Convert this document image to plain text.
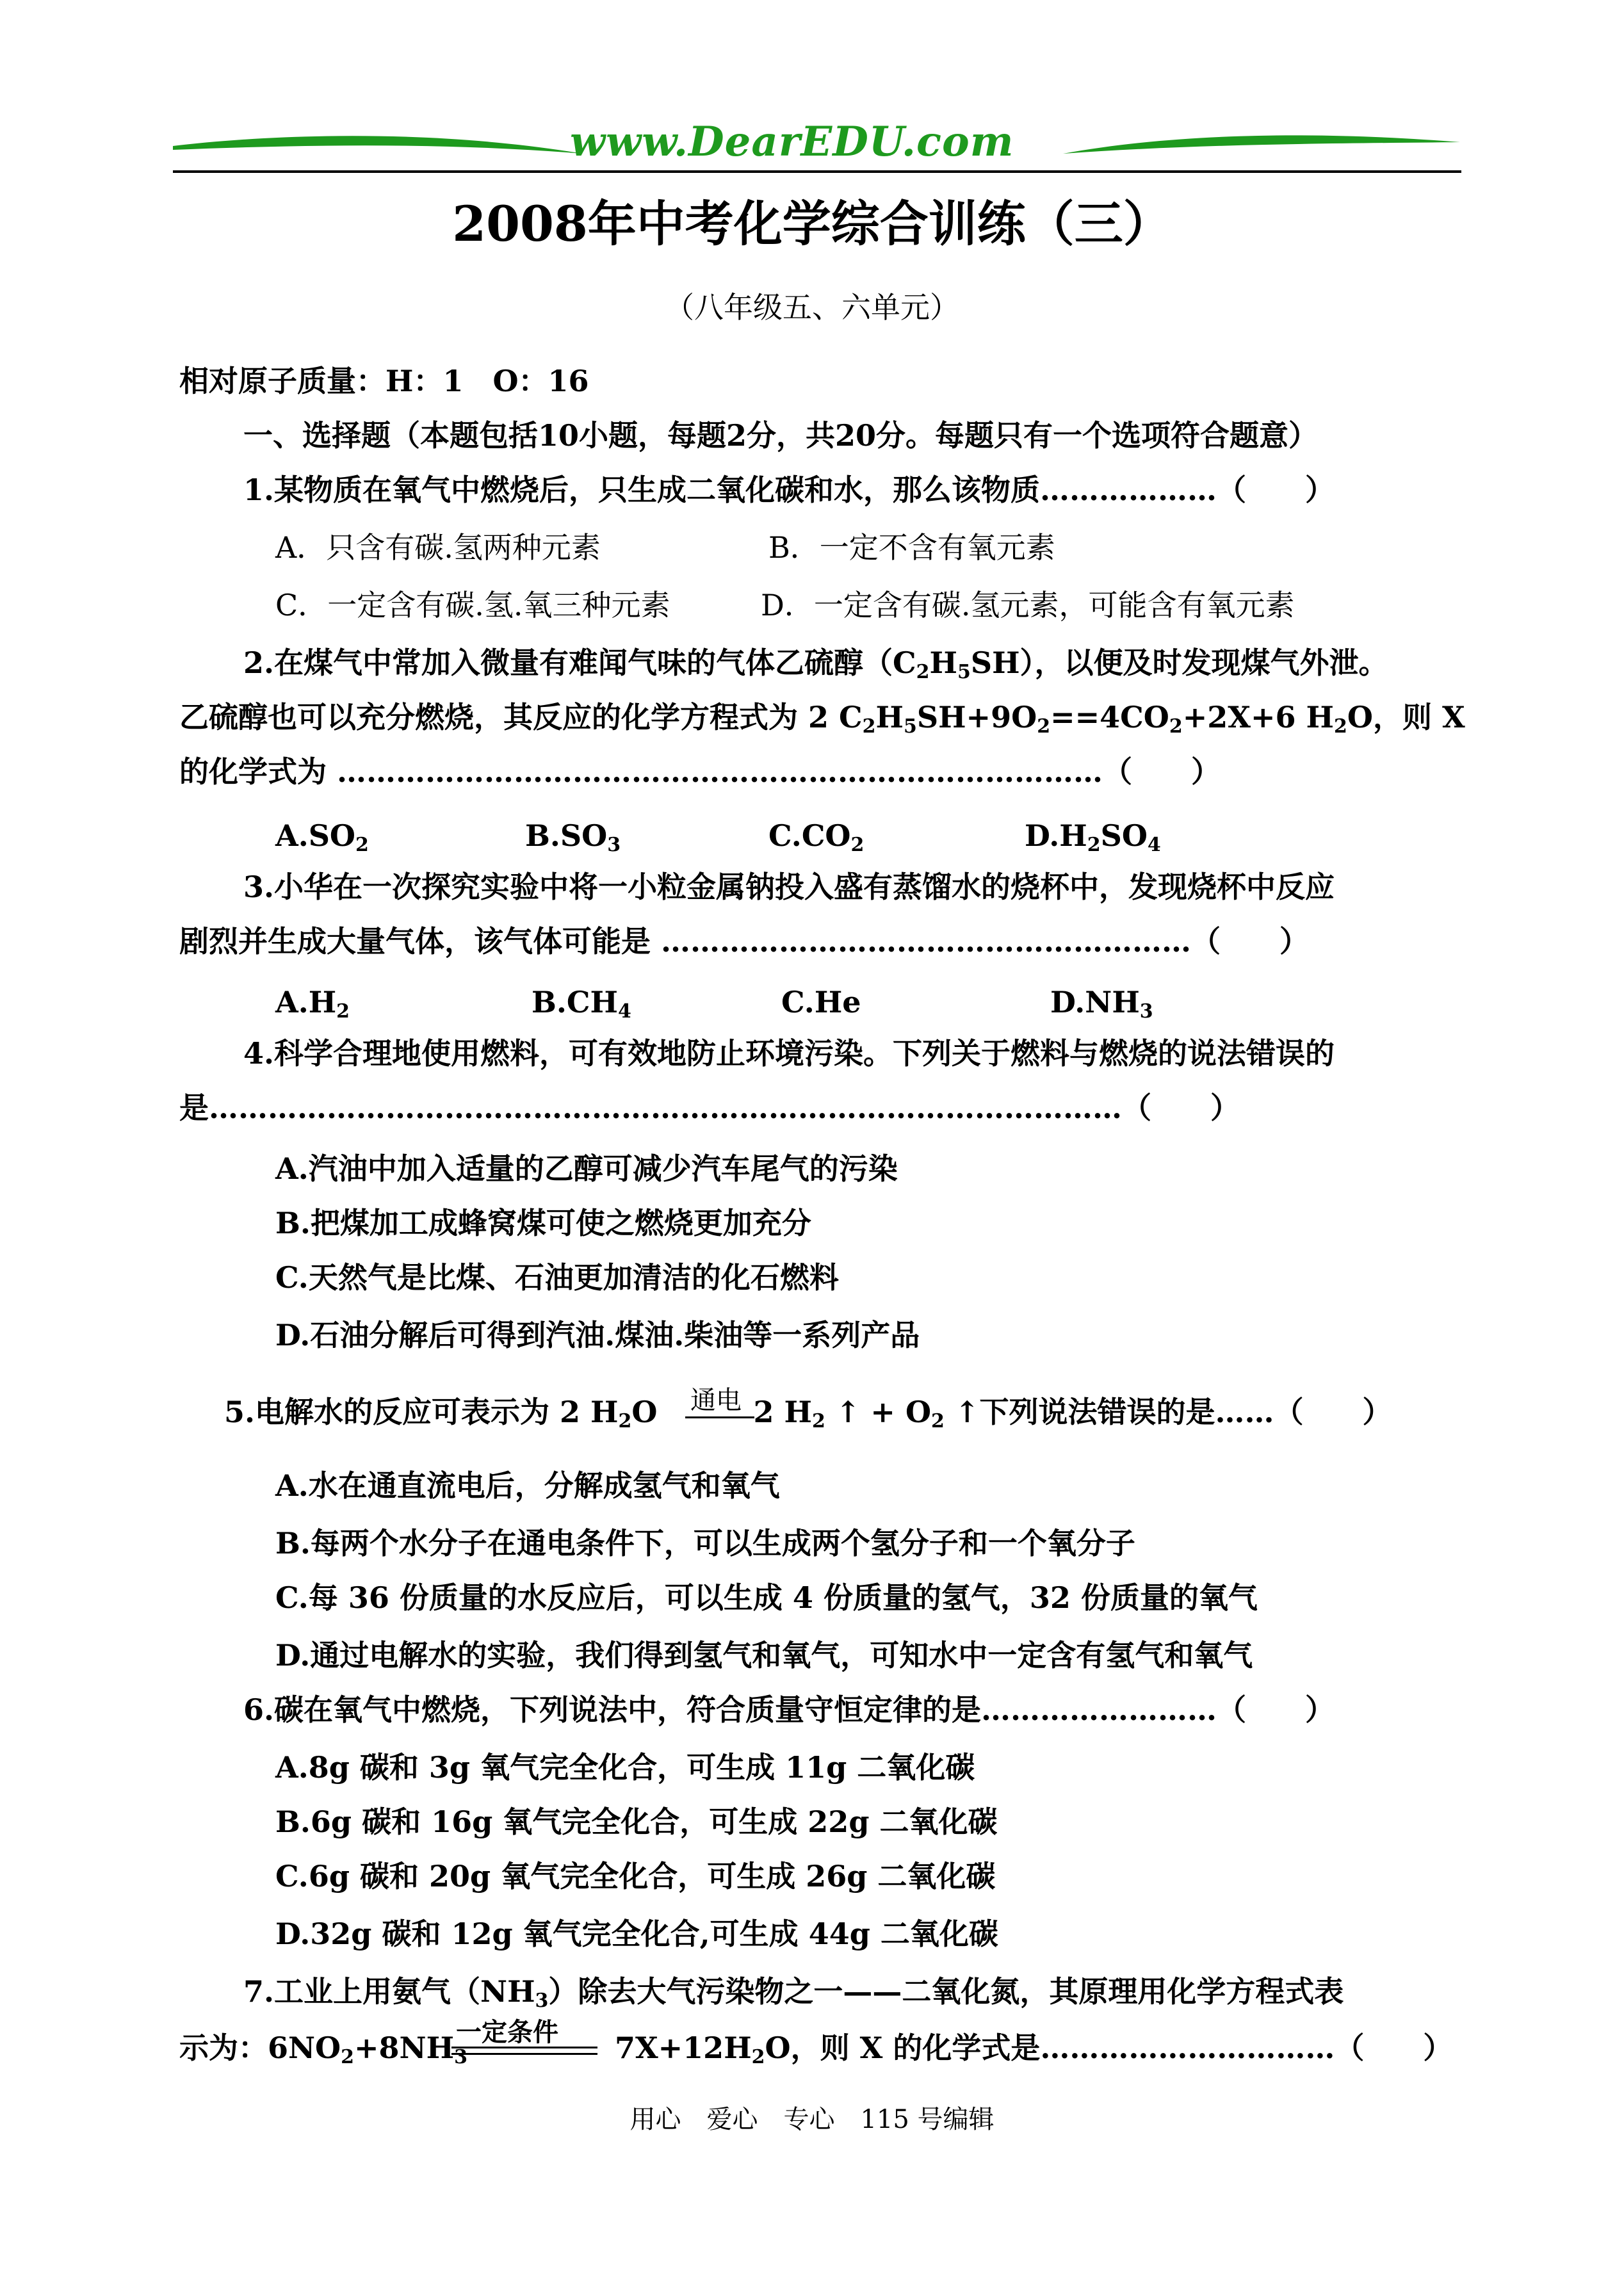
www.DearEDU.com
2008年中考化学综合训练（三）
（八年级五、六单元）
相对原子质量：H：1　O：16
一、选择题（本题包括10小题，每题2分，共20分。每题只有一个选项符合题意）
1.某物质在氧气中燃烧后，只生成二氧化碳和水，那么该物质………………（　　）
A．只含有碳.氢两种元素	B．一定不含有氧元素
C．一定含有碳.氢.氧三种元素	D．一定含有碳.氢元素，可能含有氧元素
2.在煤气中常加入微量有难闻气味的气体乙硫醇$(C_2H_5SH)$，以便及时发现煤气外泄。
乙硫醇也可以充分燃烧，其反应的化学方程式为 2 $C_2H_5SH+9O_2==4CO_2+2X+6$ $H_2O$，则 X
的化学式为 ……………………………………………………………………（　　）
$A.SO_2$	$B.SO_3$	$C.CO_2$	$D.H_2SO_4$
3.小华在一次探究实验中将一小粒金属钠投入盛有蒸馏水的烧杯中，发现烧杯中反应
剧烈并生成大量气体，该气体可能是 ………………………………………………（　　）
$A.H_2$	$B.CH_4$	C.He	$D.NH_3$
4.科学合理地使用燃料，可有效地防止环境污染。下列关于燃料与燃烧的说法错误的
是…………………………………………………………………………………（　　）
A.汽油中加入适量的乙醇可减少汽车尾气的污染
B.把煤加工成蜂窝煤可使之燃烧更加充分
C.天然气是比煤、石油更加清洁的化石燃料
D.石油分解后可得到汽油.煤油.柴油等一系列产品
5.电解水的反应可表示为 2 $H_2O$	2 $H_2$ ↑ + $O_2$ ↑下列说法错误的是……（　　）
通电
A.水在通直流电后，分解成氢气和氧气
B.每两个水分子在通电条件下，可以生成两个氢分子和一个氧分子
C.每 36 份质量的水反应后，可以生成 4 份质量的氢气，32 份质量的氧气
D.通过电解水的实验，我们得到氢气和氧气，可知水中一定含有氢气和氧气
6.碳在氧气中燃烧，下列说法中，符合质量守恒定律的是……………………（　　）
A.8g 碳和 3g 氧气完全化合，可生成 11g 二氧化碳
B.6g 碳和 16g 氧气完全化合，可生成 22g 二氧化碳
C.6g 碳和 20g 氧气完全化合，可生成 26g 二氧化碳
D.32g 碳和 12g 氧气完全化合,可生成 44g 二氧化碳
7.工业上用氨气$(NH_3)$除去大气污染物之一——二氧化氮，其原理用化学方程式表
示为：$6NO_2+8NH_3$	$7X+12H_2O$，则 X 的化学式是…………………………（　　）
一定条件
用心　爱心　专心　115 号编辑
